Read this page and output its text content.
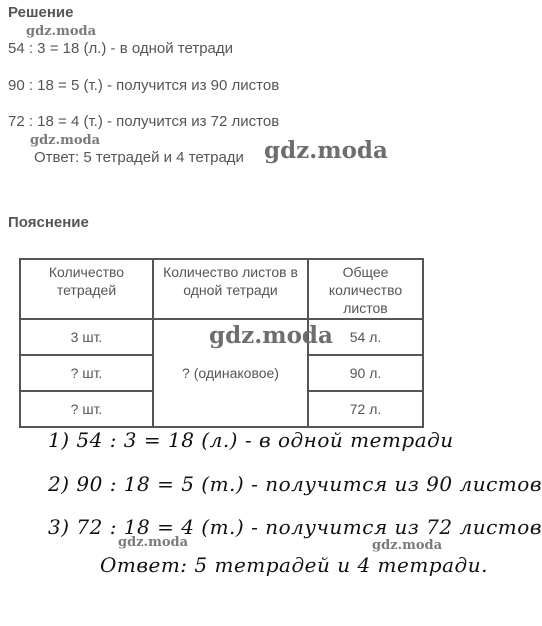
Решение
gdz.moda
54 : 3 = 18 (л.) - в одной тетради
90 : 18 = 5 (т.) - получится из 90 листов
72 : 18 = 4 (т.) - получится из 72 листов
gdz.moda
Ответ: 5 тетрадей и 4 тетради gdz.moda
Пояснение
Количество тетрадей	Количество листов в одной тетради	Общее количество листов
3 шт.	? (одинаковое)	54 л.
? шт.		90 л.
? шт.		72 л.
gdz.moda
1) 54 : 3 = 18 (л.) - в одной тетради
2) 90 : 18 = 5 (т.) - получится из 90 листов
3) 72 : 18 = 4 (т.) - получится из 72 листов
gdz.moda	gdz.moda
Ответ: 5 тетрадей и 4 тетради.
